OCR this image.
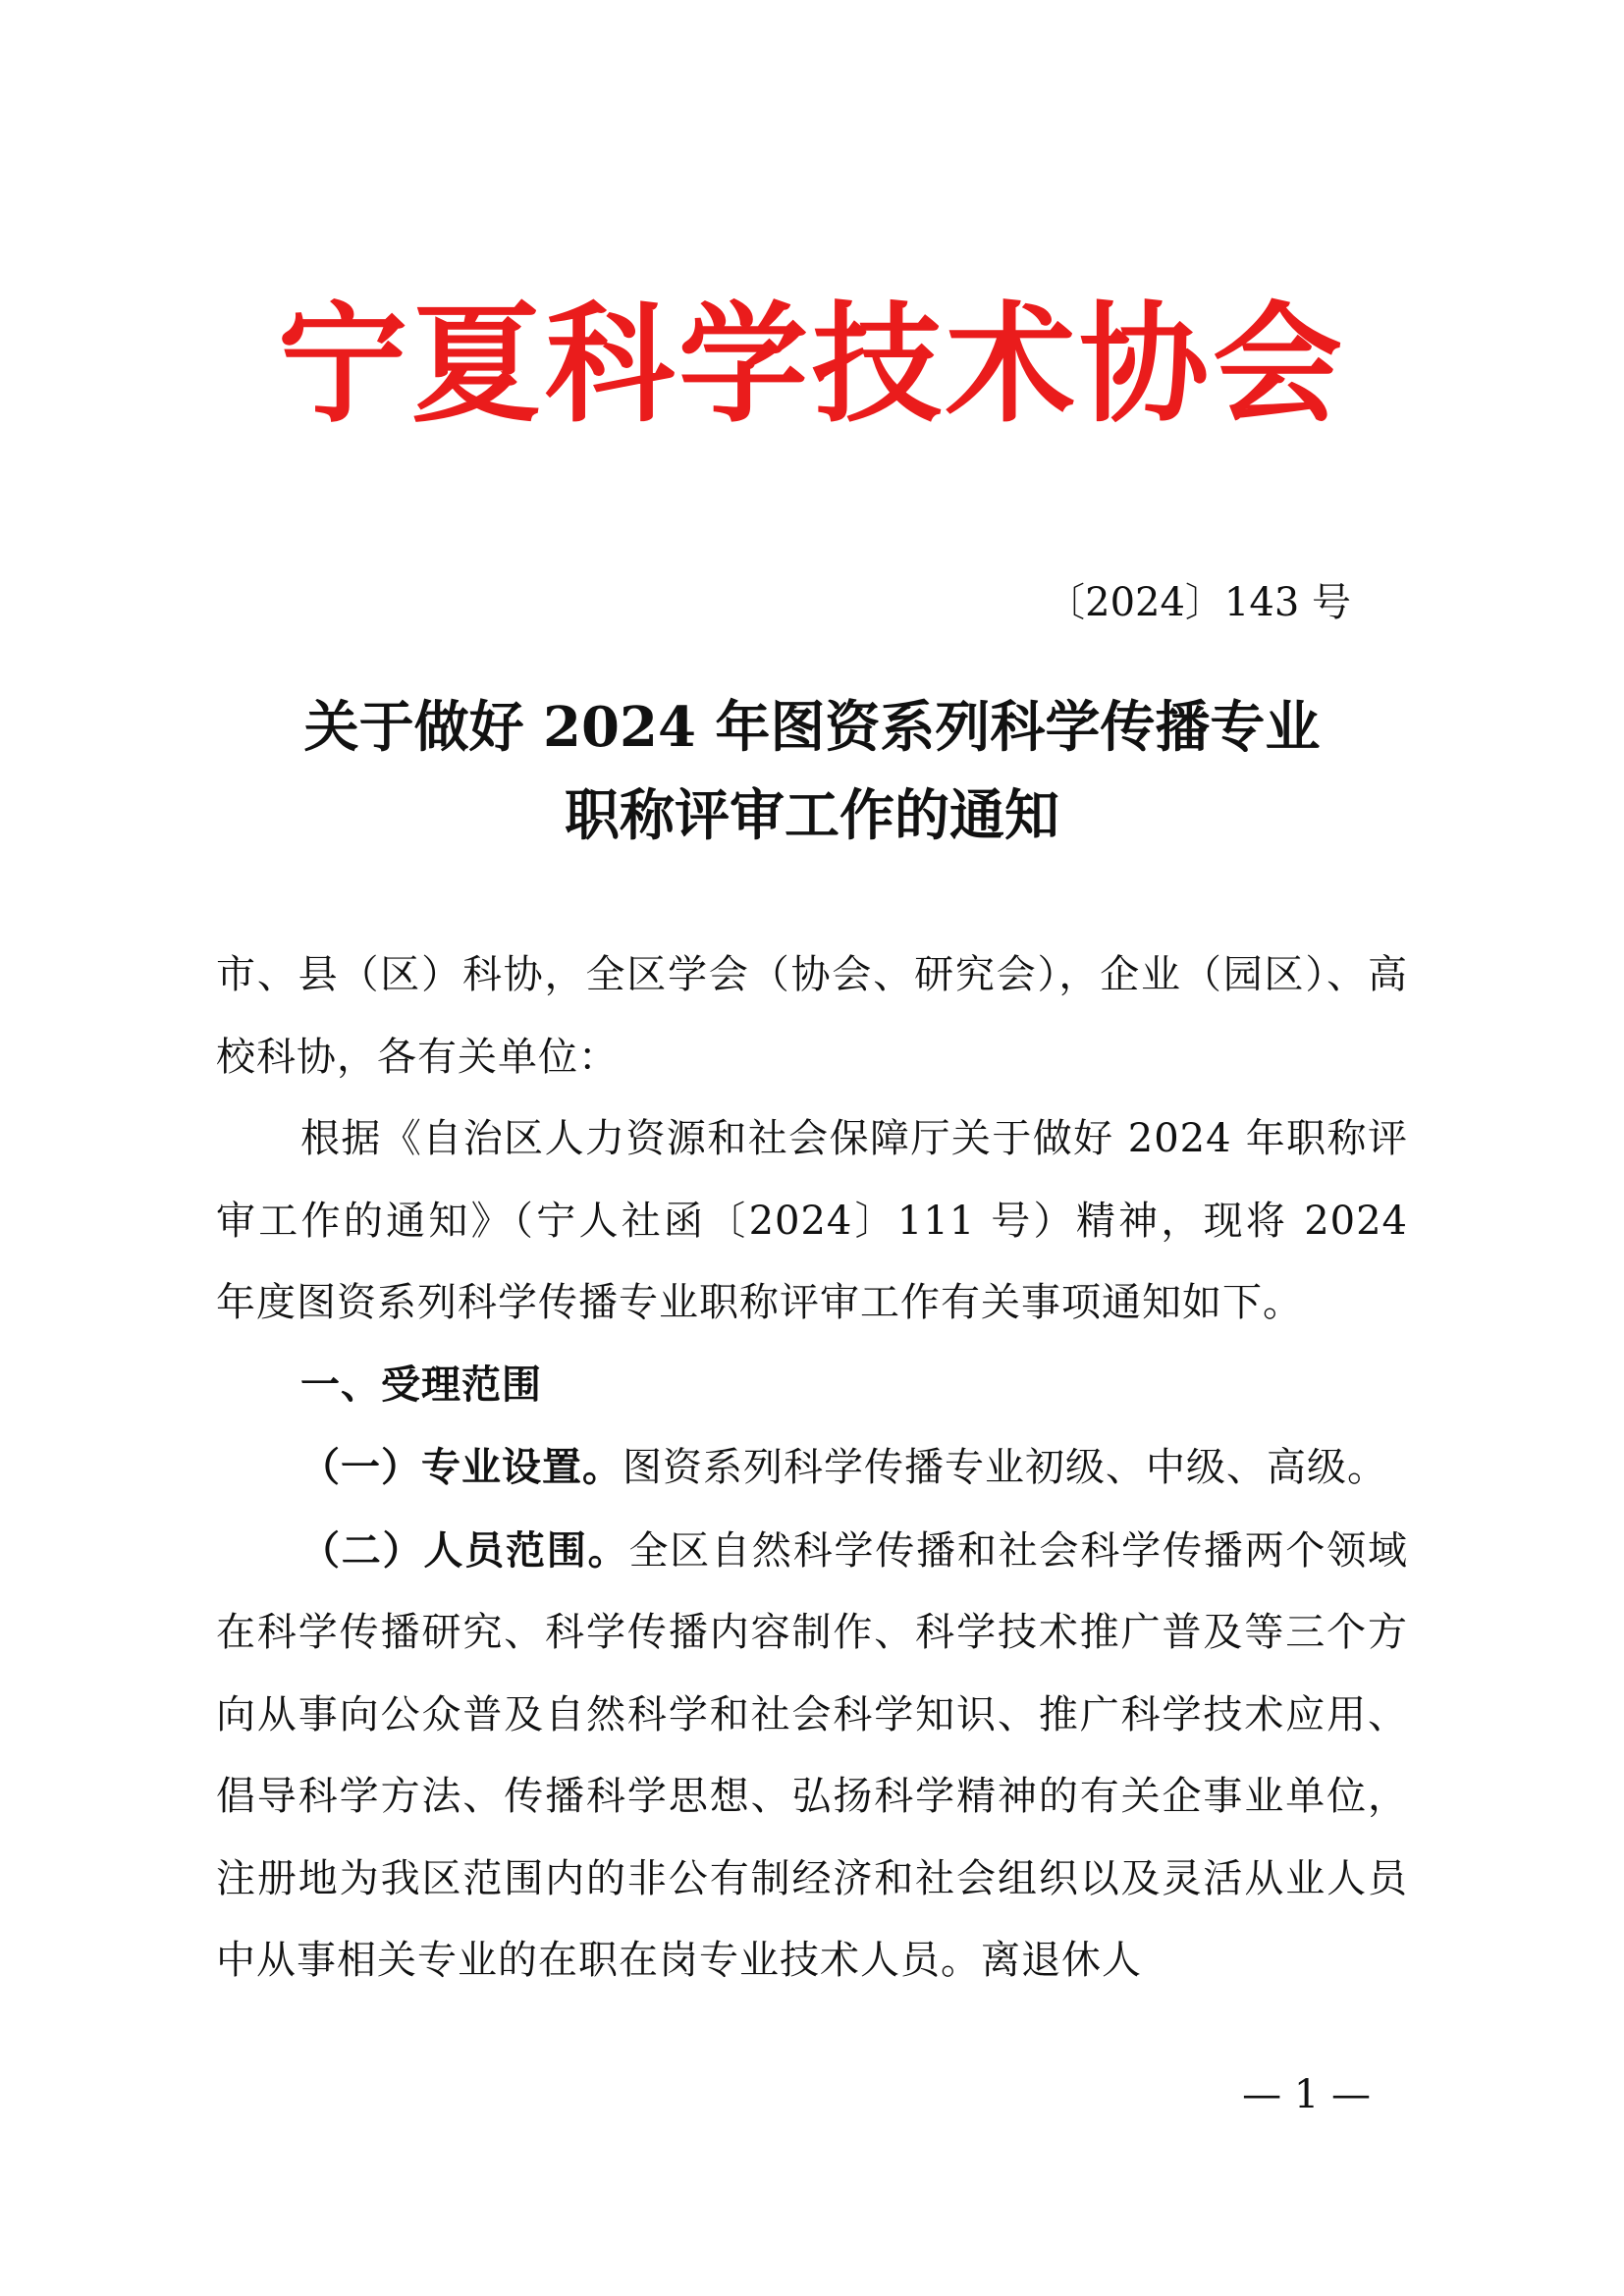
宁夏科学技术协会
〔2024〕143 号
关于做好 2024 年图资系列科学传播专业
职称评审工作的通知

市、县（区）科协，全区学会（协会、研究会），企业（园区）、高校科协，各有关单位：

根据《自治区人力资源和社会保障厅关于做好 2024 年职称评审工作的通知》（宁人社函〔2024〕111 号）精神，现将 2024 年度图资系列科学传播专业职称评审工作有关事项通知如下。

一、受理范围

（一）专业设置。图资系列科学传播专业初级、中级、高级。

（二）人员范围。全区自然科学传播和社会科学传播两个领域在科学传播研究、科学传播内容制作、科学技术推广普及等三个方向从事向公众普及自然科学和社会科学知识、推广科学技术应用、倡导科学方法、传播科学思想、弘扬科学精神的有关企事业单位，注册地为我区范围内的非公有制经济和社会组织以及灵活从业人员中从事相关专业的在职在岗专业技术人员。离退休人

— 1 —
